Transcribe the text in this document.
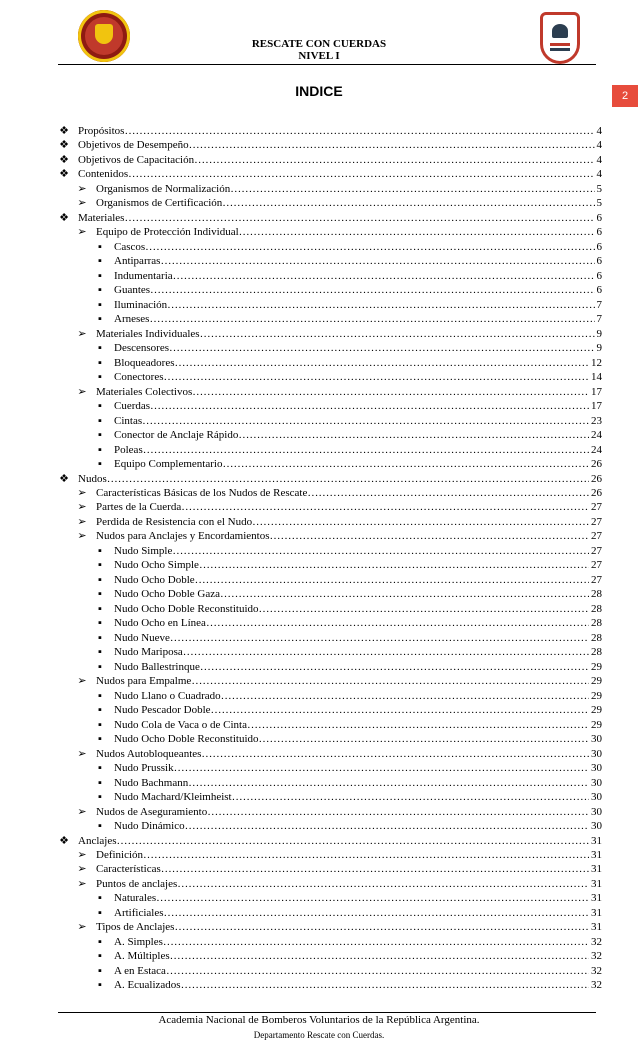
RESCATE CON CUERDAS
NIVEL I
INDICE	2
❖ Propósitos …………………………………………………………………………………………………………………………………………………………………………………………………………	4
❖ Objetivos de Desempeño …………………………………………………………………………………………………………………………………………………………………………………………………………	4
❖ Objetivos de Capacitación …………………………………………………………………………………………………………………………………………………………………………………………………………	4
❖ Contenidos …………………………………………………………………………………………………………………………………………………………………………………………………………	4
➢ Organismos de Normalización …………………………………………………………………………………………………………………………………………………………………………………………………………	5
➢ Organismos de Certificación …………………………………………………………………………………………………………………………………………………………………………………………………………	5
❖ Materiales …………………………………………………………………………………………………………………………………………………………………………………………………………	6
➢ Equipo de Protección Individual …………………………………………………………………………………………………………………………………………………………………………………………………………	6
▪	Cascos …………………………………………………………………………………………………………………………………………………………………………………………………………	6
▪	Antiparras …………………………………………………………………………………………………………………………………………………………………………………………………………	6
▪	Indumentaria …………………………………………………………………………………………………………………………………………………………………………………………………………	6
▪	Guantes …………………………………………………………………………………………………………………………………………………………………………………………………………	6
▪	Iluminación …………………………………………………………………………………………………………………………………………………………………………………………………………	7
▪	Arneses …………………………………………………………………………………………………………………………………………………………………………………………………………	7
➢ Materiales Individuales …………………………………………………………………………………………………………………………………………………………………………………………………………	9
▪	Descensores …………………………………………………………………………………………………………………………………………………………………………………………………………	9
▪	Bloqueadores …………………………………………………………………………………………………………………………………………………………………………………………………………	12
▪	Conectores …………………………………………………………………………………………………………………………………………………………………………………………………………	14
➢ Materiales Colectivos …………………………………………………………………………………………………………………………………………………………………………………………………………	17
▪	Cuerdas …………………………………………………………………………………………………………………………………………………………………………………………………………	17
▪	Cintas …………………………………………………………………………………………………………………………………………………………………………………………………………	23
▪	Conector de Anclaje Rápido …………………………………………………………………………………………………………………………………………………………………………………………………………	24
▪	Poleas …………………………………………………………………………………………………………………………………………………………………………………………………………	24
▪	Equipo Complementario …………………………………………………………………………………………………………………………………………………………………………………………………………	26
❖ Nudos …………………………………………………………………………………………………………………………………………………………………………………………………………	26
➢ Características Básicas de los Nudos de Rescate …………………………………………………………………………………………………………………………………………………………………………………………………………	26
➢ Partes de la Cuerda …………………………………………………………………………………………………………………………………………………………………………………………………………	27
➢ Perdida de Resistencia con el Nudo …………………………………………………………………………………………………………………………………………………………………………………………………………	27
➢ Nudos para Anclajes y Encordamientos …………………………………………………………………………………………………………………………………………………………………………………………………………	27
▪	Nudo Simple …………………………………………………………………………………………………………………………………………………………………………………………………………	27
▪	Nudo Ocho Simple …………………………………………………………………………………………………………………………………………………………………………………………………………	27
▪	Nudo Ocho Doble …………………………………………………………………………………………………………………………………………………………………………………………………………	27
▪	Nudo Ocho Doble Gaza …………………………………………………………………………………………………………………………………………………………………………………………………………	28
▪	Nudo Ocho Doble Reconstituido …………………………………………………………………………………………………………………………………………………………………………………………………………	28
▪	Nudo Ocho en Línea …………………………………………………………………………………………………………………………………………………………………………………………………………	28
▪	Nudo Nueve …………………………………………………………………………………………………………………………………………………………………………………………………………	28
▪	Nudo Mariposa …………………………………………………………………………………………………………………………………………………………………………………………………………	28
▪	Nudo Ballestrinque …………………………………………………………………………………………………………………………………………………………………………………………………………	29
➢ Nudos para Empalme …………………………………………………………………………………………………………………………………………………………………………………………………………	29
▪	Nudo Llano o Cuadrado …………………………………………………………………………………………………………………………………………………………………………………………………………	29
▪	Nudo Pescador Doble …………………………………………………………………………………………………………………………………………………………………………………………………………	29
▪	Nudo Cola de Vaca o de Cinta …………………………………………………………………………………………………………………………………………………………………………………………………………	29
▪	Nudo Ocho Doble Reconstituido …………………………………………………………………………………………………………………………………………………………………………………………………………	30
➢ Nudos Autobloqueantes …………………………………………………………………………………………………………………………………………………………………………………………………………	30
▪	Nudo Prussik …………………………………………………………………………………………………………………………………………………………………………………………………………	30
▪	Nudo Bachmann …………………………………………………………………………………………………………………………………………………………………………………………………………	30
▪	Nudo Machard/Kleimheist …………………………………………………………………………………………………………………………………………………………………………………………………………	30
➢ Nudos de Aseguramiento …………………………………………………………………………………………………………………………………………………………………………………………………………	30
▪	Nudo Dinámico …………………………………………………………………………………………………………………………………………………………………………………………………………	30
❖ Anclajes …………………………………………………………………………………………………………………………………………………………………………………………………………	31
➢ Definición …………………………………………………………………………………………………………………………………………………………………………………………………………	31
➢ Características …………………………………………………………………………………………………………………………………………………………………………………………………………	31
➢ Puntos de anclajes …………………………………………………………………………………………………………………………………………………………………………………………………………	31
▪	Naturales …………………………………………………………………………………………………………………………………………………………………………………………………………	31
▪	Artificiales …………………………………………………………………………………………………………………………………………………………………………………………………………	31
➢ Tipos de Anclajes …………………………………………………………………………………………………………………………………………………………………………………………………………	31
▪	A. Simples …………………………………………………………………………………………………………………………………………………………………………………………………………	32
▪	A. Múltiples …………………………………………………………………………………………………………………………………………………………………………………………………………	32
▪	A en Estaca …………………………………………………………………………………………………………………………………………………………………………………………………………	32
▪	A. Ecualizados …………………………………………………………………………………………………………………………………………………………………………………………………………	32
Academia Nacional de Bomberos Voluntarios de la República Argentina.
Departamento Rescate con Cuerdas.
